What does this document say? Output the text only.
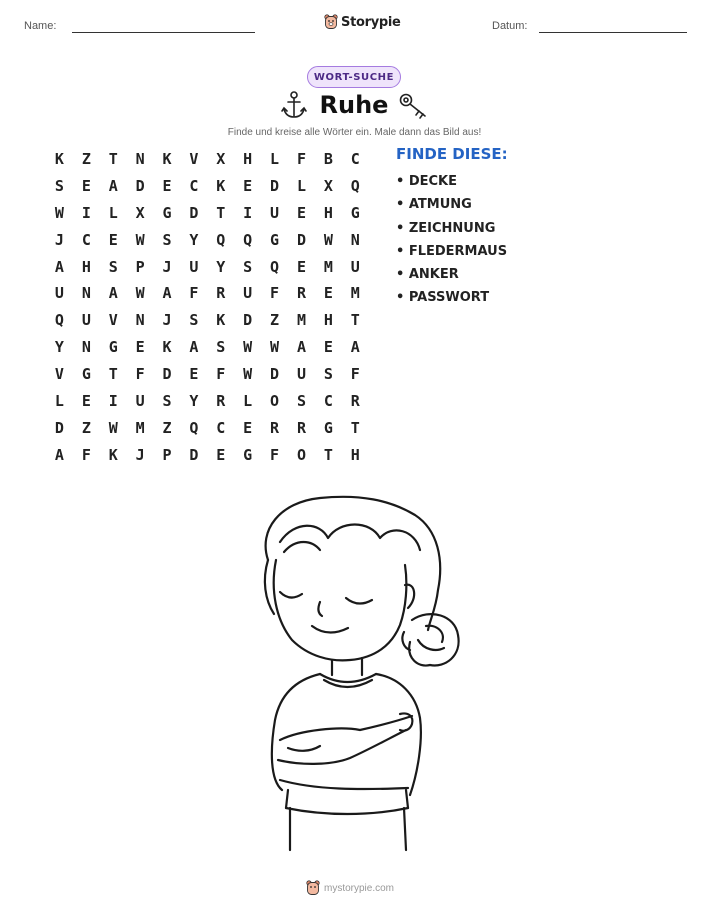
Name:	Storypie	Datum:
WORT-SUCHE
Ruhe
Finde und kreise alle Wörter ein. Male dann das Bild aus!
K	Z	T	N	K	V	X	H	L	F	B	C
S	E	A	D	E	C	K	E	D	L	X	Q
W	I	L	X	G	D	T	I	U	E	H	G
J	C	E	W	S	Y	Q	Q	G	D	W	N
A	H	S	P	J	U	Y	S	Q	E	M	U
U	N	A	W	A	F	R	U	F	R	E	M
Q	U	V	N	J	S	K	D	Z	M	H	T
Y	N	G	E	K	A	S	W	W	A	E	A
V	G	T	F	D	E	F	W	D	U	S	F
L	E	I	U	S	Y	R	L	O	S	C	R
D	Z	W	M	Z	Q	C	E	R	R	G	T
A	F	K	J	P	D	E	G	F	O	T	H
FINDE DIESE:
• DECKE
• ATMUNG
• ZEICHNUNG
• FLEDERMAUS
• ANKER
• PASSWORT
mystorypie.com
